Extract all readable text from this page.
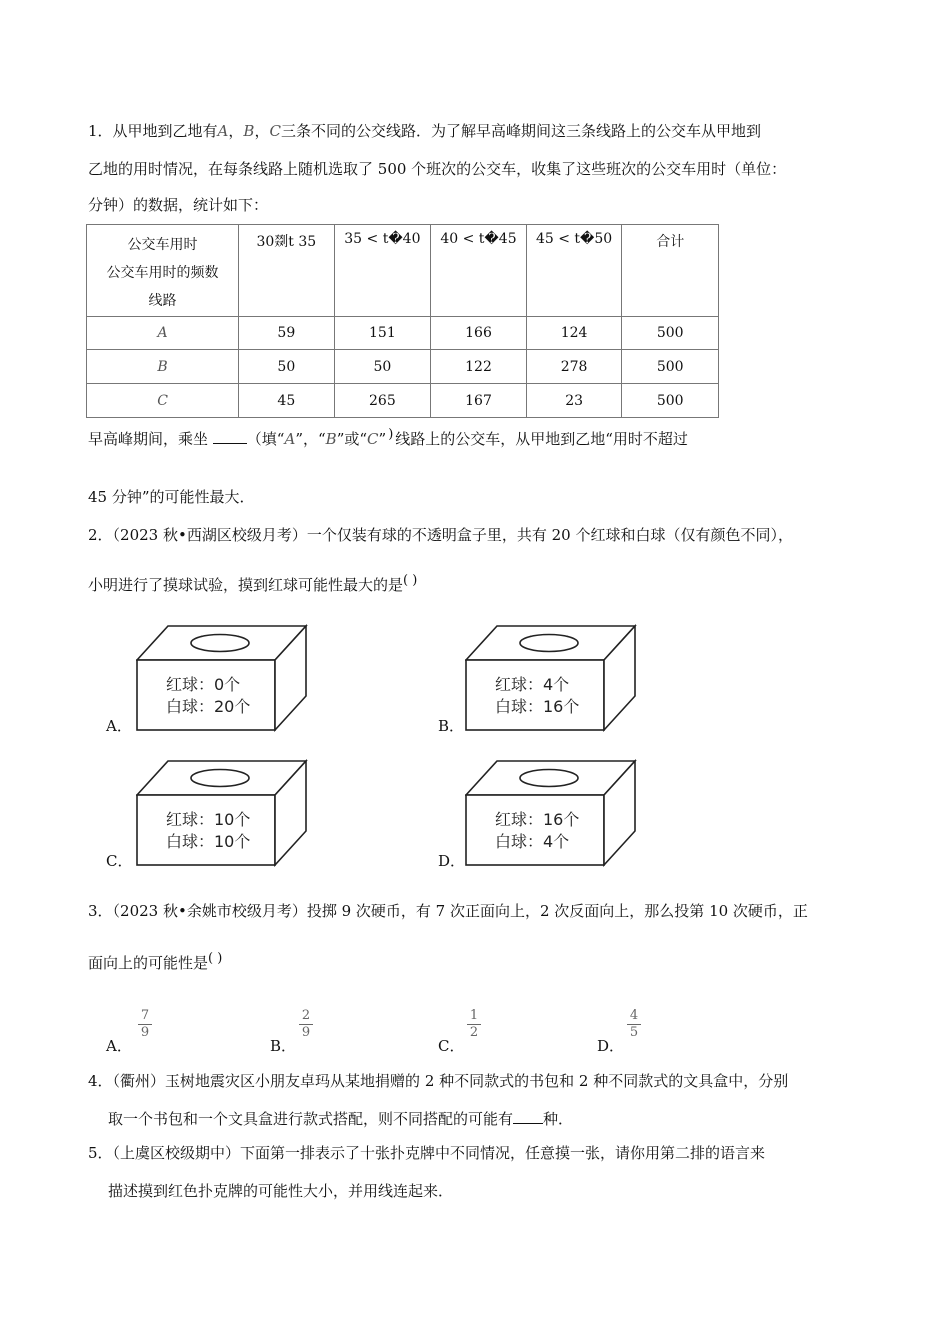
1．从甲地到乙地有A，B，C三条不同的公交线路．为了解早高峰期间这三条线路上的公交车从甲地到
乙地的用时情况，在每条线路上随机选取了 500 个班次的公交车，收集了这些班次的公交车用时（单位：
分钟）的数据，统计如下：
公交车用时
公交车用时的频数
线路	30剟t 35	35 < t�40	40 < t�45	45 < t�50	合计
A	59	151	166	124	500
B	50	50	122	278	500
C	45	265	167	23	500
早高峰期间，乘坐	（填“A”，“B”或“C” ) 线路上的公交车，从甲地到乙地“用时不超过
45 分钟”的可能性最大．
2．（2023 秋•西湖区校级月考）一个仅装有球的不透明盒子里，共有 20 个红球和白球（仅有颜色不同），
小明进行了摸球试验，摸到红球可能性最大的是( )
A．
红球：0个
白球：20个
B．
红球：4个
白球：16个
C．
红球：10个
白球：10个
D．
红球：16个
白球：4个
3．（2023 秋•余姚市校级月考）投掷 9 次硬币，有 7 次正面向上，2 次反面向上，那么投第 10 次硬币，正
面向上的可能性是( )
A．
$\frac{7}{9}$
B．
$\frac{2}{9}$
C．
$\frac{1}{2}$
D．
$\frac{4}{5}$
4．（衢州）玉树地震灾区小朋友卓玛从某地捐赠的 2 种不同款式的书包和 2 种不同款式的文具盒中，分别
取一个书包和一个文具盒进行款式搭配，则不同搭配的可能有 种．
5．（上虞区校级期中）下面第一排表示了十张扑克牌中不同情况，任意摸一张，请你用第二排的语言来
描述摸到红色扑克牌的可能性大小，并用线连起来．
